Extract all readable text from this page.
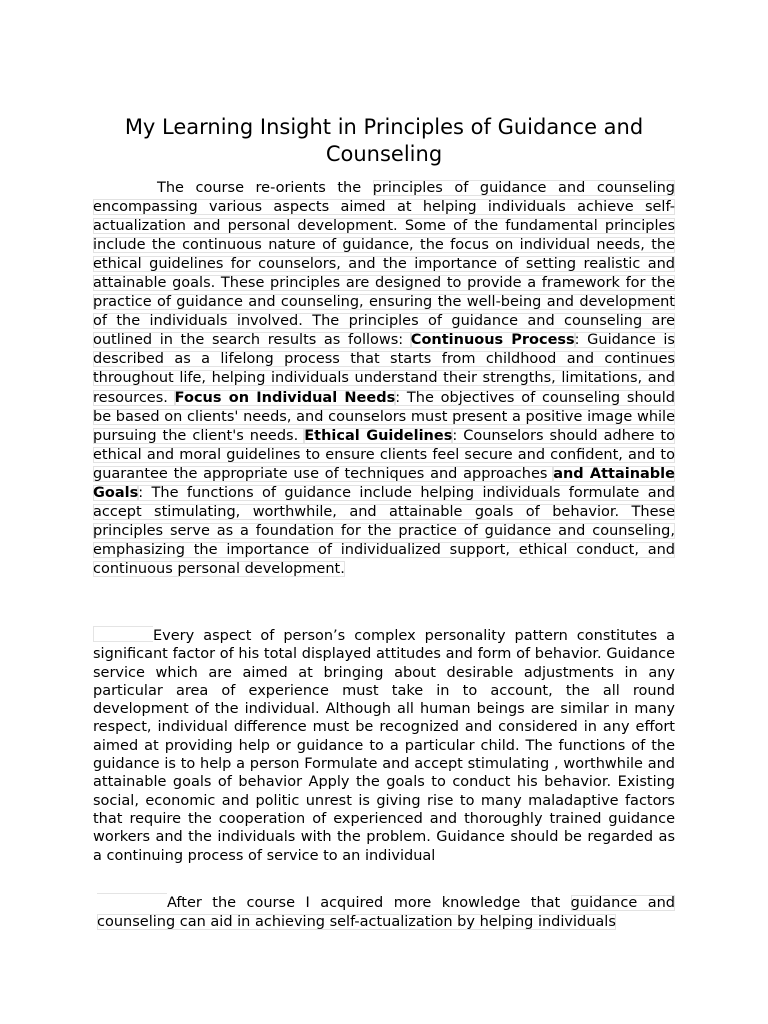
My Learning Insight in Principles of Guidance and Counseling

The course re-orients the principles of guidance and counseling encompassing various aspects aimed at helping individuals achieve self-actualization and personal development. Some of the fundamental principles include the continuous nature of guidance, the focus on individual needs, the ethical guidelines for counselors, and the importance of setting realistic and attainable goals. These principles are designed to provide a framework for the practice of guidance and counseling, ensuring the well-being and development of the individuals involved. The principles of guidance and counseling are outlined in the search results as follows: Continuous Process: Guidance is described as a lifelong process that starts from childhood and continues throughout life, helping individuals understand their strengths, limitations, and resources. Focus on Individual Needs: The objectives of counseling should be based on clients' needs, and counselors must present a positive image while pursuing the client's needs. Ethical Guidelines: Counselors should adhere to ethical and moral guidelines to ensure clients feel secure and confident, and to guarantee the appropriate use of techniques and approaches and Attainable Goals: The functions of guidance include helping individuals formulate and accept stimulating, worthwhile, and attainable goals of behavior. These principles serve as a foundation for the practice of guidance and counseling, emphasizing the importance of individualized support, ethical conduct, and continuous personal development.

Every aspect of person’s complex personality pattern constitutes a significant factor of his total displayed attitudes and form of behavior. Guidance service which are aimed at bringing about desirable adjustments in any particular area of experience must take in to account, the all round development of the individual. Although all human beings are similar in many respect, individual difference must be recognized and considered in any effort aimed at providing help or guidance to a particular child. The functions of the guidance is to help a person Formulate and accept stimulating , worthwhile and attainable goals of behavior Apply the goals to conduct his behavior. Existing social, economic and politic unrest is giving rise to many maladaptive factors that require the cooperation of experienced and thoroughly trained guidance workers and the individuals with the problem. Guidance should be regarded as a continuing process of service to an individual

After the course I acquired more knowledge that guidance and counseling can aid in achieving self-actualization by helping individuals
